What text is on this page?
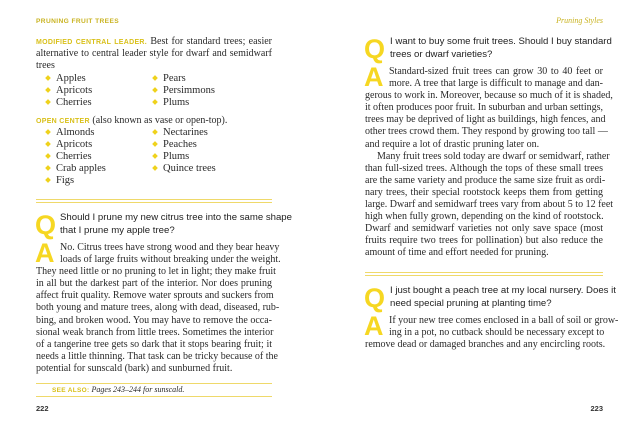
PRUNING FRUIT TREES
MODIFIED CENTRAL LEADER. Best for standard trees; easier
alternative to central leader style for dwarf and semidwarf
trees
Apples
Apricots
Cherries
Pears
Persimmons
Plums
OPEN CENTER (also known as vase or open-top).
Almonds
Apricots
Cherries
Crab apples
Figs
Nectarines
Peaches
Plums
Quince trees
Q Should I prune my new citrus tree into the same shape
that I prune my apple tree?
A No. Citrus trees have strong wood and they bear heavy
loads of large fruits without breaking under the weight.
They need little or no pruning to let in light; they make fruit
in all but the darkest part of the interior. Nor does pruning
affect fruit quality. Remove water sprouts and suckers from
both young and mature trees, along with dead, diseased, rub-
bing, and broken wood. You may have to remove the occa-
sional weak branch from little trees. Sometimes the interior
of a tangerine tree gets so dark that it stops bearing fruit; it
needs a little thinning. That task can be tricky because of the
potential for sunscald (bark) and sunburned fruit.
SEE ALSO: Pages 243–244 for sunscald.
222
Pruning Styles
Q I want to buy some fruit trees. Should I buy standard
trees or dwarf varieties?
A Standard-sized fruit trees can grow 30 to 40 feet or
more. A tree that large is difficult to manage and dan-
gerous to work in. Moreover, because so much of it is shaded,
it often produces poor fruit. In suburban and urban settings,
trees may be deprived of light as buildings, high fences, and
other trees crowd them. They respond by growing too tall —
and require a lot of drastic pruning later on.
Many fruit trees sold today are dwarf or semidwarf, rather
than full-sized trees. Although the tops of these small trees
are the same variety and produce the same size fruit as ordi-
nary trees, their special rootstock keeps them from getting
large. Dwarf and semidwarf trees vary from about 5 to 12 feet
high when fully grown, depending on the kind of rootstock.
Dwarf and semidwarf varieties not only save space (most
fruits require two trees for pollination) but also reduce the
amount of time and effort needed for pruning.
Q I just bought a peach tree at my local nursery. Does it
need special pruning at planting time?
A If your new tree comes enclosed in a ball of soil or grow-
ing in a pot, no cutback should be necessary except to
remove dead or damaged branches and any encircling roots.
223
